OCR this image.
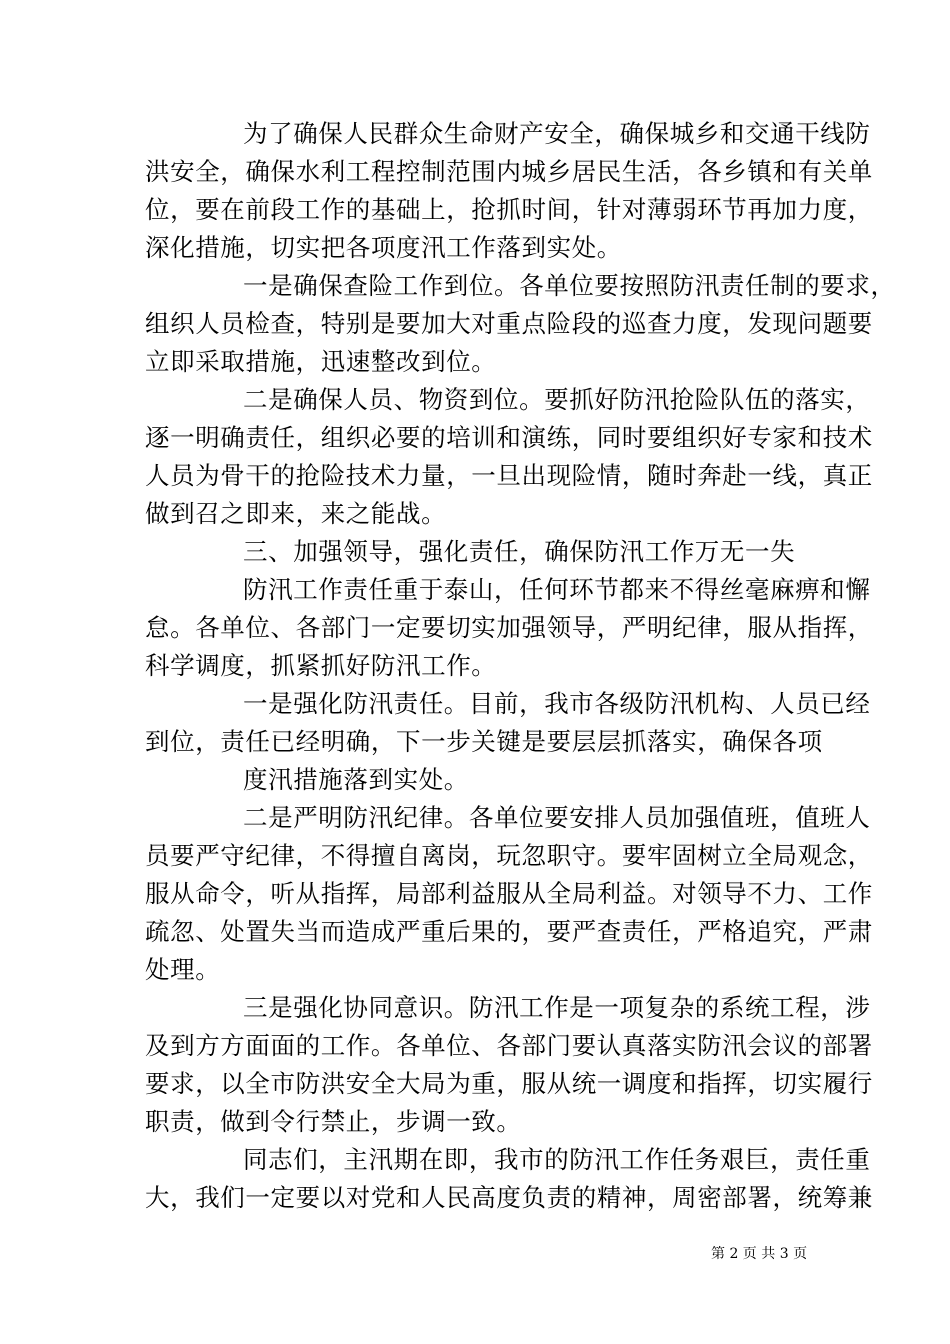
为了确保人民群众生命财产安全，确保城乡和交通干线防
洪安全，确保水利工程控制范围内城乡居民生活，各乡镇和有关单
位，要在前段工作的基础上，抢抓时间，针对薄弱环节再加力度，
深化措施，切实把各项度汛工作落到实处。
一是确保查险工作到位。各单位要按照防汛责任制的要求，
组织人员检查，特别是要加大对重点险段的巡查力度，发现问题要
立即采取措施，迅速整改到位。
二是确保人员、物资到位。要抓好防汛抢险队伍的落实，
逐一明确责任，组织必要的培训和演练，同时要组织好专家和技术
人员为骨干的抢险技术力量，一旦出现险情，随时奔赴一线，真正
做到召之即来，来之能战。
三、加强领导，强化责任，确保防汛工作万无一失
防汛工作责任重于泰山，任何环节都来不得丝毫麻痹和懈
怠。各单位、各部门一定要切实加强领导，严明纪律，服从指挥，
科学调度，抓紧抓好防汛工作。
一是强化防汛责任。目前，我市各级防汛机构、人员已经
到位，责任已经明确，下一步关键是要层层抓落实，确保各项
度汛措施落到实处。
二是严明防汛纪律。各单位要安排人员加强值班，值班人
员要严守纪律，不得擅自离岗，玩忽职守。要牢固树立全局观念，
服从命令，听从指挥，局部利益服从全局利益。对领导不力、工作
疏忽、处置失当而造成严重后果的，要严查责任，严格追究，严肃
处理。
三是强化协同意识。防汛工作是一项复杂的系统工程，涉
及到方方面面的工作。各单位、各部门要认真落实防汛会议的部署
要求，以全市防洪安全大局为重，服从统一调度和指挥，切实履行
职责，做到令行禁止，步调一致。
同志们，主汛期在即，我市的防汛工作任务艰巨，责任重
大，我们一定要以对党和人民高度负责的精神，周密部署，统筹兼
第 2 页 共 3 页
